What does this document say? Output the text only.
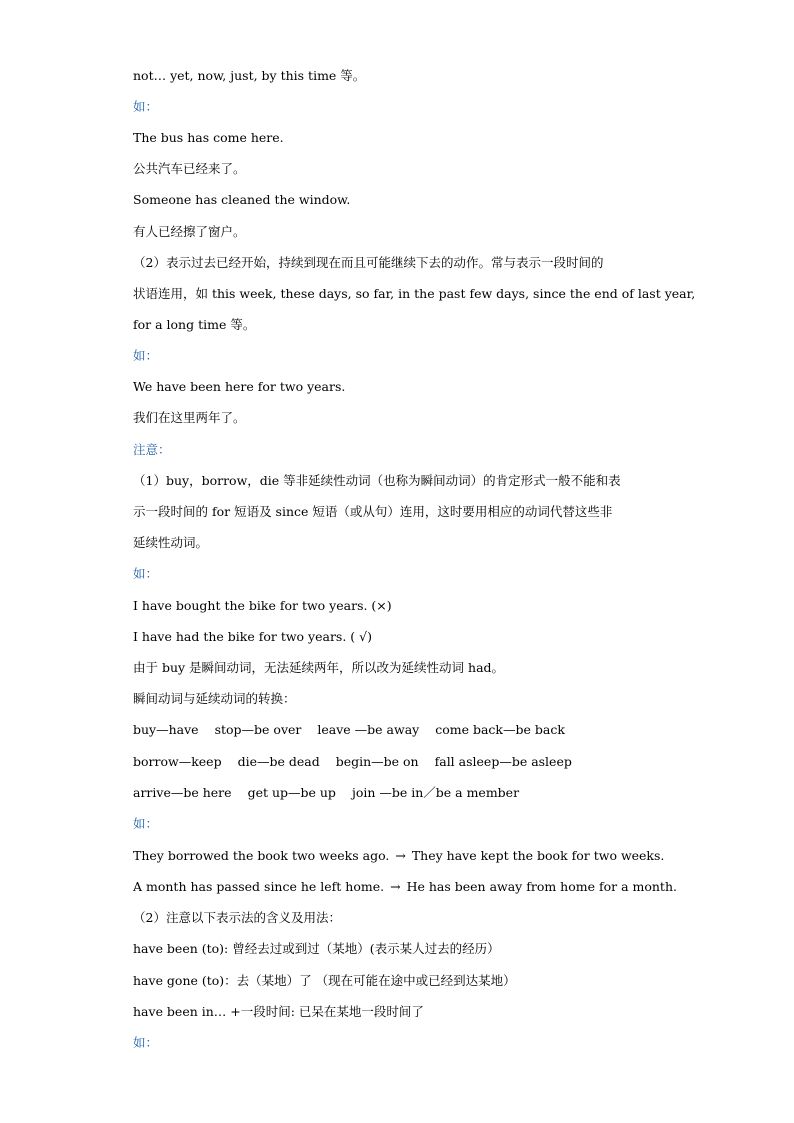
not… yet, now, just, by this time 等。
如：
The bus has come here.
公共汽车已经来了。
Someone has cleaned the window.
有人已经擦了窗户。
（2）表示过去已经开始，持续到现在而且可能继续下去的动作。常与表示一段时间的
状语连用，如 this week, these days, so far, in the past few days, since the end of last year,
for a long time 等。
如：
We have been here for two years.
我们在这里两年了。
注意：
（1）buy，borrow，die 等非延续性动词（也称为瞬间动词）的肯定形式一般不能和表
示一段时间的 for 短语及 since 短语（或从句）连用，这时要用相应的动词代替这些非
延续性动词。
如：
I have bought the bike for two years. (×)
I have had the bike for two years. ( √)
由于 buy 是瞬间动词，无法延续两年，所以改为延续性动词 had。
瞬间动词与延续动词的转换：
buy—have stop—be over leave —be away come back—be back
borrow—keep die—be dead begin—be on fall asleep—be asleep
arrive—be here get up—be up join —be in／be a member
如：
They borrowed the book two weeks ago. → They have kept the book for two weeks.
A month has passed since he left home. → He has been away from home for a month.
（2）注意以下表示法的含义及用法：
have been (to): 曾经去过或到过（某地）(表示某人过去的经历）
have gone (to)：去（某地）了 （现在可能在途中或已经到达某地）
have been in… +一段时间: 已呆在某地一段时间了
如：
